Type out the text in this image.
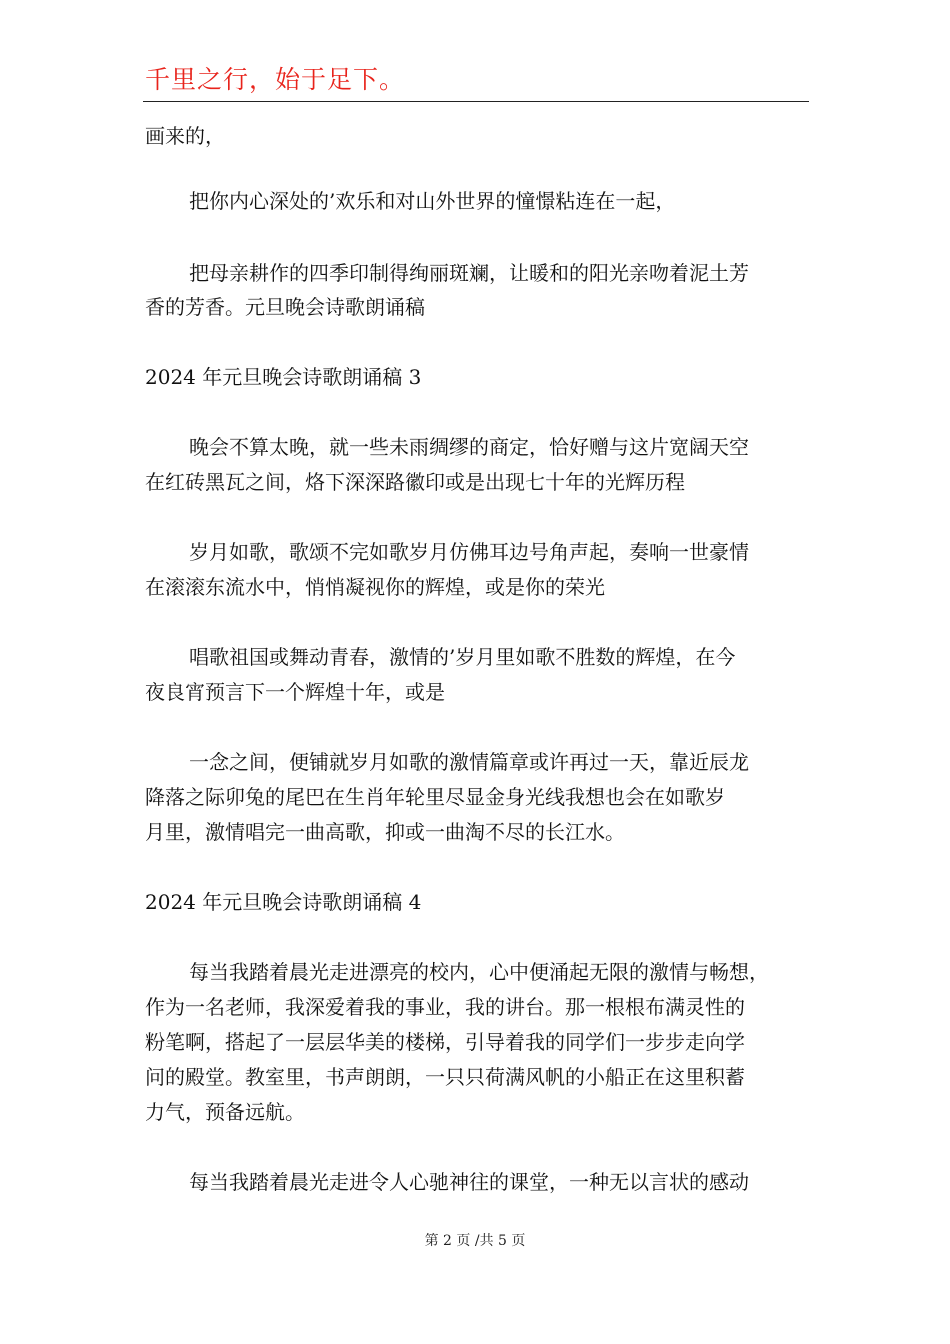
千里之行，始于足下。
画来的，
把你内心深处的’欢乐和对山外世界的憧憬粘连在一起，
把母亲耕作的四季印制得绚丽斑斓，让暖和的阳光亲吻着泥土芳
香的芳香。元旦晚会诗歌朗诵稿
2024 年元旦晚会诗歌朗诵稿 3
晚会不算太晚，就一些未雨绸缪的商定，恰好赠与这片宽阔天空
在红砖黑瓦之间，烙下深深路徽印或是出现七十年的光辉历程
岁月如歌，歌颂不完如歌岁月仿佛耳边号角声起，奏响一世豪情
在滚滚东流水中，悄悄凝视你的辉煌，或是你的荣光
唱歌祖国或舞动青春，激情的’岁月里如歌不胜数的辉煌，在今
夜良宵预言下一个辉煌十年，或是
一念之间，便铺就岁月如歌的激情篇章或许再过一天，靠近辰龙
降落之际卯兔的尾巴在生肖年轮里尽显金身光线我想也会在如歌岁
月里，激情唱完一曲高歌，抑或一曲淘不尽的长江水。
2024 年元旦晚会诗歌朗诵稿 4
每当我踏着晨光走进漂亮的校内，心中便涌起无限的激情与畅想，
作为一名老师，我深爱着我的事业，我的讲台。那一根根布满灵性的
粉笔啊，搭起了一层层华美的楼梯，引导着我的同学们一步步走向学
问的殿堂。教室里，书声朗朗，一只只荷满风帆的小船正在这里积蓄
力气，预备远航。
每当我踏着晨光走进令人心驰神往的课堂，一种无以言状的感动
第 2 页 /共 5 页
